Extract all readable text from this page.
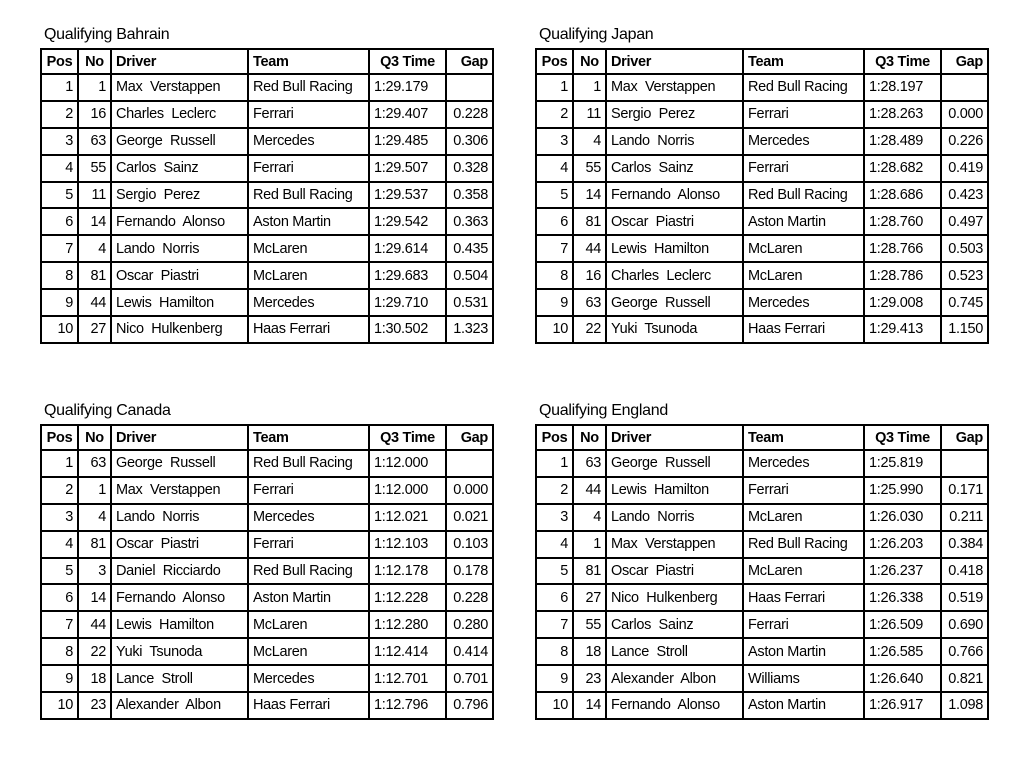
Qualifying Bahrain
Pos	No	Driver	Team	Q3 Time	Gap
1	1	Max  Verstappen	Red Bull Racing	1:29.179	
2	16	Charles  Leclerc	Ferrari	1:29.407	0.228
3	63	George  Russell	Mercedes	1:29.485	0.306
4	55	Carlos  Sainz	Ferrari	1:29.507	0.328
5	11	Sergio  Perez	Red Bull Racing	1:29.537	0.358
6	14	Fernando  Alonso	Aston Martin	1:29.542	0.363
7	4	Lando  Norris	McLaren	1:29.614	0.435
8	81	Oscar  Piastri	McLaren	1:29.683	0.504
9	44	Lewis  Hamilton	Mercedes	1:29.710	0.531
10	27	Nico  Hulkenberg	Haas Ferrari	1:30.502	1.323
Qualifying Japan
Pos	No	Driver	Team	Q3 Time	Gap
1	1	Max  Verstappen	Red Bull Racing	1:28.197	
2	11	Sergio  Perez	Ferrari	1:28.263	0.000
3	4	Lando  Norris	Mercedes	1:28.489	0.226
4	55	Carlos  Sainz	Ferrari	1:28.682	0.419
5	14	Fernando  Alonso	Red Bull Racing	1:28.686	0.423
6	81	Oscar  Piastri	Aston Martin	1:28.760	0.497
7	44	Lewis  Hamilton	McLaren	1:28.766	0.503
8	16	Charles  Leclerc	McLaren	1:28.786	0.523
9	63	George  Russell	Mercedes	1:29.008	0.745
10	22	Yuki  Tsunoda	Haas Ferrari	1:29.413	1.150
Qualifying Canada
Pos	No	Driver	Team	Q3 Time	Gap
1	63	George  Russell	Red Bull Racing	1:12.000	
2	1	Max  Verstappen	Ferrari	1:12.000	0.000
3	4	Lando  Norris	Mercedes	1:12.021	0.021
4	81	Oscar  Piastri	Ferrari	1:12.103	0.103
5	3	Daniel  Ricciardo	Red Bull Racing	1:12.178	0.178
6	14	Fernando  Alonso	Aston Martin	1:12.228	0.228
7	44	Lewis  Hamilton	McLaren	1:12.280	0.280
8	22	Yuki  Tsunoda	McLaren	1:12.414	0.414
9	18	Lance  Stroll	Mercedes	1:12.701	0.701
10	23	Alexander  Albon	Haas Ferrari	1:12.796	0.796
Qualifying England
Pos	No	Driver	Team	Q3 Time	Gap
1	63	George  Russell	Mercedes	1:25.819	
2	44	Lewis  Hamilton	Ferrari	1:25.990	0.171
3	4	Lando  Norris	McLaren	1:26.030	0.211
4	1	Max  Verstappen	Red Bull Racing	1:26.203	0.384
5	81	Oscar  Piastri	McLaren	1:26.237	0.418
6	27	Nico  Hulkenberg	Haas Ferrari	1:26.338	0.519
7	55	Carlos  Sainz	Ferrari	1:26.509	0.690
8	18	Lance  Stroll	Aston Martin	1:26.585	0.766
9	23	Alexander  Albon	Williams	1:26.640	0.821
10	14	Fernando  Alonso	Aston Martin	1:26.917	1.098
